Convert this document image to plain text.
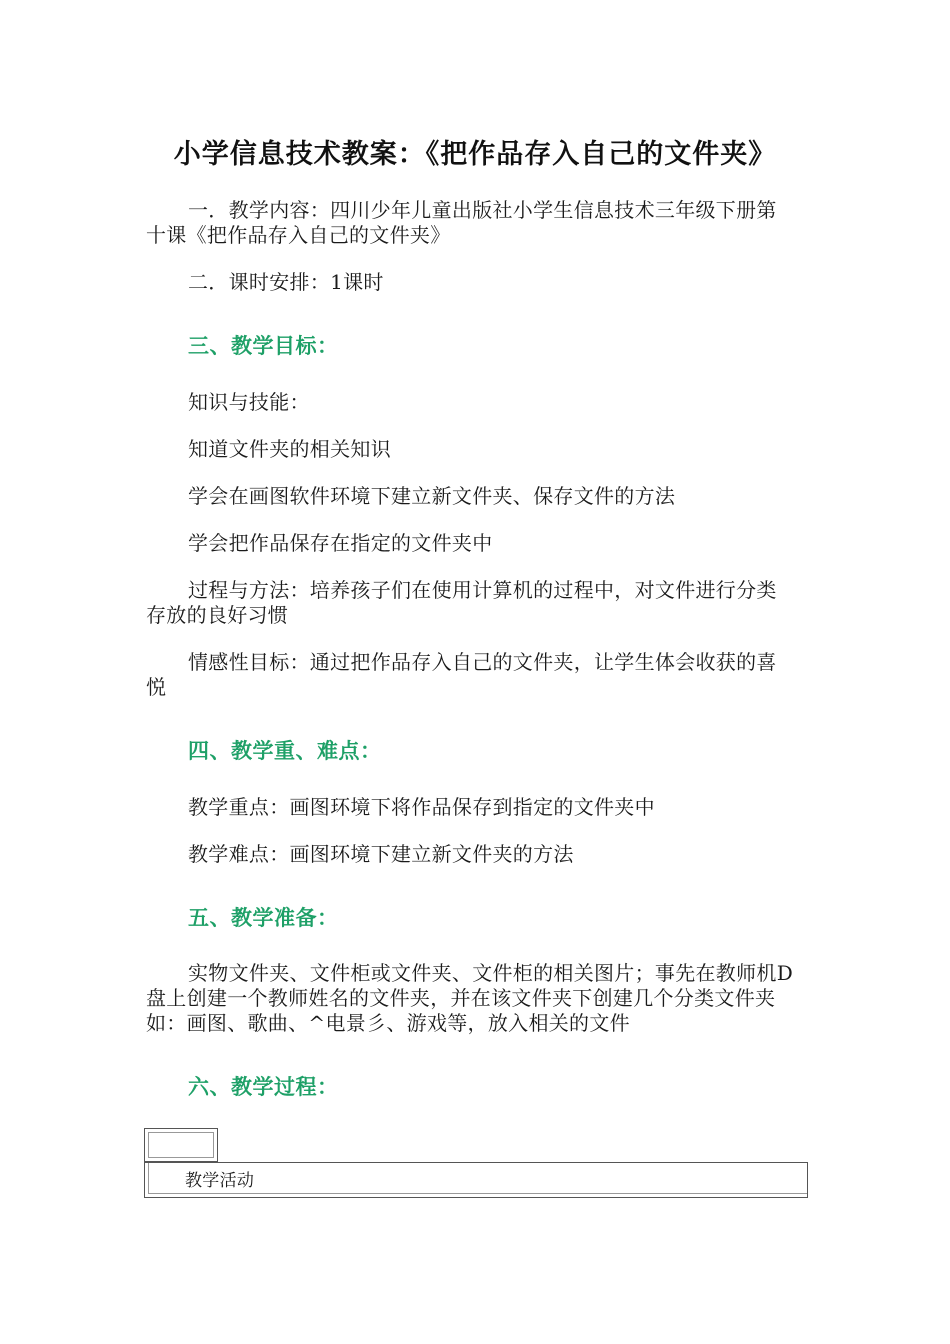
小学信息技术教案：《把作品存入自己的文件夹》

一．教学内容：四川少年儿童出版社小学生信息技术三年级下册第十课《把作品存入自己的文件夹》

二．课时安排：1课时

三、教学目标：

知识与技能：

知道文件夹的相关知识

学会在画图软件环境下建立新文件夹、保存文件的方法

学会把作品保存在指定的文件夹中

过程与方法：培养孩子们在使用计算机的过程中，对文件进行分类存放的良好习惯

情感性目标：通过把作品存入自己的文件夹，让学生体会收获的喜悦

四、教学重、难点：

教学重点：画图环境下将作品保存到指定的文件夹中

教学难点：画图环境下建立新文件夹的方法

五、教学准备：

实物文件夹、文件柜或文件夹、文件柜的相关图片；事先在教师机D盘上创建一个教师姓名的文件夹，并在该文件夹下创建几个分类文件夹如：画图、歌曲、^电景彡、游戏等，放入相关的文件

六、教学过程：
教学活动
